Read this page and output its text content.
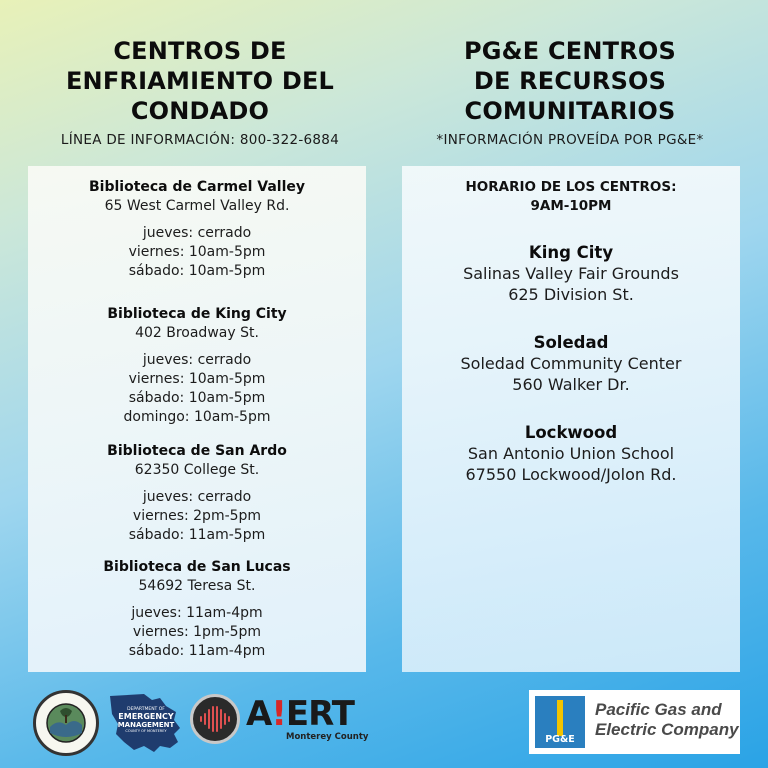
CENTROS DE
ENFRIAMIENTO DEL
CONDADO
LÍNEA DE INFORMACIÓN: 800-322-6884
Biblioteca de Carmel Valley
65 West Carmel Valley Rd.
jueves: cerrado
viernes: 10am-5pm
sábado: 10am-5pm
Biblioteca de King City
402 Broadway St.
jueves: cerrado
viernes: 10am-5pm
sábado: 10am-5pm
domingo: 10am-5pm
Biblioteca de San Ardo
62350 College St.
jueves: cerrado
viernes: 2pm-5pm
sábado: 11am-5pm
Biblioteca de San Lucas
54692 Teresa St.
jueves: 11am-4pm
viernes: 1pm-5pm
sábado: 11am-4pm
PG&E CENTROS
DE RECURSOS
COMUNITARIOS
*INFORMACIÓN PROVEÍDA POR PG&E*
HORARIO DE LOS CENTROS:
9AM-10PM
King City
Salinas Valley Fair Grounds
625 Division St.
Soledad
Soledad Community Center
560 Walker Dr.
Lockwood
San Antonio Union School
67550 Lockwood/Jolon Rd.
DEPARTMENT OF
EMERGENCY
MANAGEMENT
COUNTY OF MONTEREY A!ERT
Monterey County	PG&E
Pacific Gas and
Electric Company
